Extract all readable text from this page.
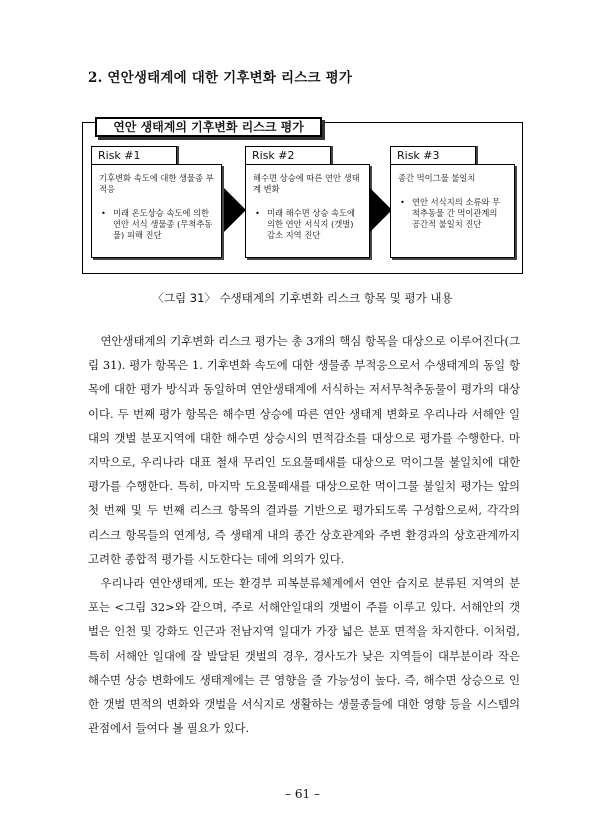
2. 연안생태계에 대한 기후변화 리스크 평가
연안 생태계의 기후변화 리스크 평가
Risk #1
기후변화 속도에 대한 생물종 부적응
• 미래 온도상승 속도에 의한 연안 서식 생물종 (무척추동물) 피해 진단
Risk #2
해수면 상승에 따른 연안 생태계 변화
• 미래 해수면 상승 속도에 의한 연안 서식지 (갯벌) 감소 지역 진단
Risk #3
종간 먹이그물 불일치
• 연안 서식지의 소류와 무척추동물 간 먹이관계의 공간적 불일치 진단
〈그림 31〉 수생태계의 기후변화 리스크 항목 및 평가 내용

연안생태계의 기후변화 리스크 평가는 총 3개의 핵심 항목을 대상으로 이루어진다(그림 31). 평가 항목은 1. 기후변화 속도에 대한 생물종 부적응으로서 수생태계의 동일 항목에 대한 평가 방식과 동일하며 연안생태계에 서식하는 저서무척추동물이 평가의 대상이다. 두 번째 평가 항목은 해수면 상승에 따른 연안 생태계 변화로 우리나라 서해안 일대의 갯벌 분포지역에 대한 해수면 상승시의 면적감소를 대상으로 평가를 수행한다. 마지막으로, 우리나라 대표 철새 무리인 도요물떼새를 대상으로 먹이그물 불일치에 대한 평가를 수행한다. 특히, 마지막 도요물떼새를 대상으로한 먹이그물 불일치 평가는 앞의 첫 번째 및 두 번째 리스크 항목의 결과를 기반으로 평가되도록 구성함으로써, 각각의 리스크 항목들의 연계성, 즉 생태계 내의 종간 상호관계와 주변 환경과의 상호관계까지 고려한 종합적 평가를 시도한다는 데에 의의가 있다.

우리나라 연안생태계, 또는 환경부 피복분류체계에서 연안 습지로 분류된 지역의 분포는 <그림 32>와 같으며, 주로 서해안일대의 갯벌이 주를 이루고 있다. 서해안의 갯벌은 인천 및 강화도 인근과 전남지역 일대가 가장 넓은 분포 면적을 차지한다. 이처럼, 특히 서해안 일대에 잘 발달된 갯벌의 경우, 경사도가 낮은 지역들이 대부분이라 작은 해수면 상승 변화에도 생태계에는 큰 영향을 줄 가능성이 높다. 즉, 해수면 상승으로 인한 갯벌 면적의 변화와 갯벌을 서식지로 생활하는 생물종들에 대한 영향 등을 시스템의 관점에서 들여다 볼 필요가 있다.

– 61 –
